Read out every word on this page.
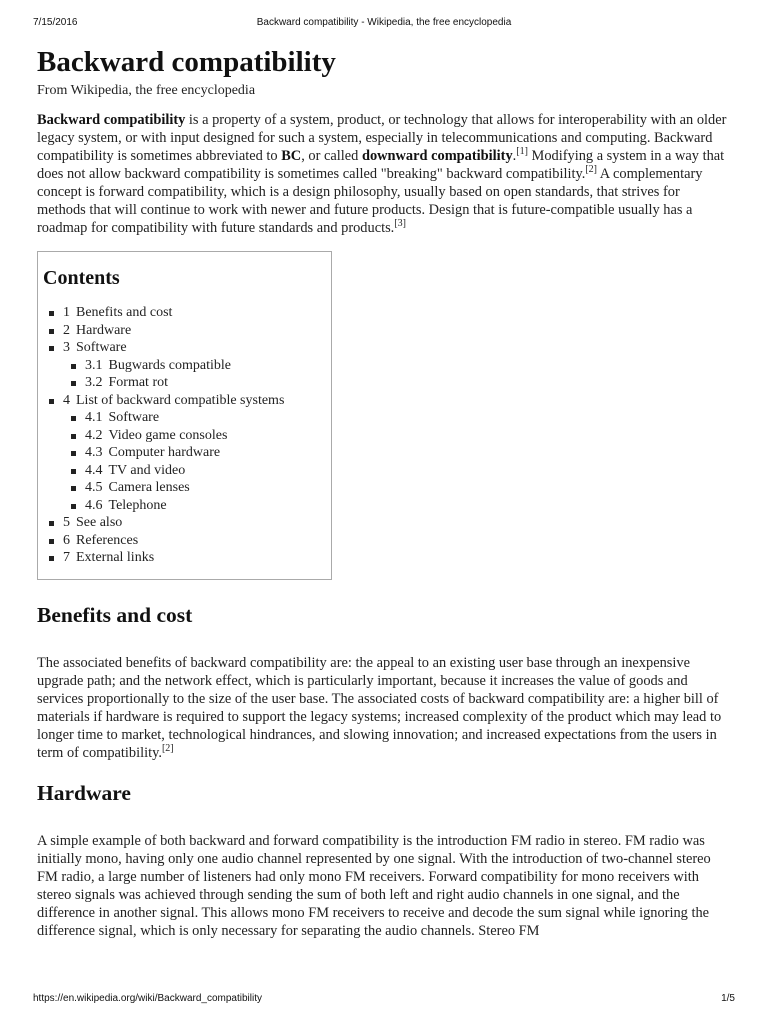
7/15/2016	Backward compatibility - Wikipedia, the free encyclopedia
Backward compatibility
From Wikipedia, the free encyclopedia

Backward compatibility is a property of a system, product, or technology that allows for interoperability with an older legacy system, or with input designed for such a system, especially in telecommunications and computing. Backward compatibility is sometimes abbreviated to BC, or called downward compatibility.[1] Modifying a system in a way that does not allow backward compatibility is sometimes called "breaking" backward compatibility.[2] A complementary concept is forward compatibility, which is a design philosophy, usually based on open standards, that strives for methods that will continue to work with newer and future products. Design that is future-compatible usually has a roadmap for compatibility with future standards and products.[3]

Contents
1 Benefits and cost
2 Hardware
3 Software
3.1 Bugwards compatible
3.2 Format rot
4 List of backward compatible systems
4.1 Software
4.2 Video game consoles
4.3 Computer hardware
4.4 TV and video
4.5 Camera lenses
4.6 Telephone
5 See also
6 References
7 External links
Benefits and cost

The associated benefits of backward compatibility are: the appeal to an existing user base through an inexpensive upgrade path; and the network effect, which is particularly important, because it increases the value of goods and services proportionally to the size of the user base. The associated costs of backward compatibility are: a higher bill of materials if hardware is required to support the legacy systems; increased complexity of the product which may lead to longer time to market, technological hindrances, and slowing innovation; and increased expectations from the users in term of compatibility.[2]

Hardware

A simple example of both backward and forward compatibility is the introduction FM radio in stereo. FM radio was initially mono, having only one audio channel represented by one signal. With the introduction of two-channel stereo FM radio, a large number of listeners had only mono FM receivers. Forward compatibility for mono receivers with stereo signals was achieved through sending the sum of both left and right audio channels in one signal, and the difference in another signal. This allows mono FM receivers to receive and decode the sum signal while ignoring the difference signal, which is only necessary for separating the audio channels. Stereo FM

https://en.wikipedia.org/wiki/Backward_compatibility	1/5
